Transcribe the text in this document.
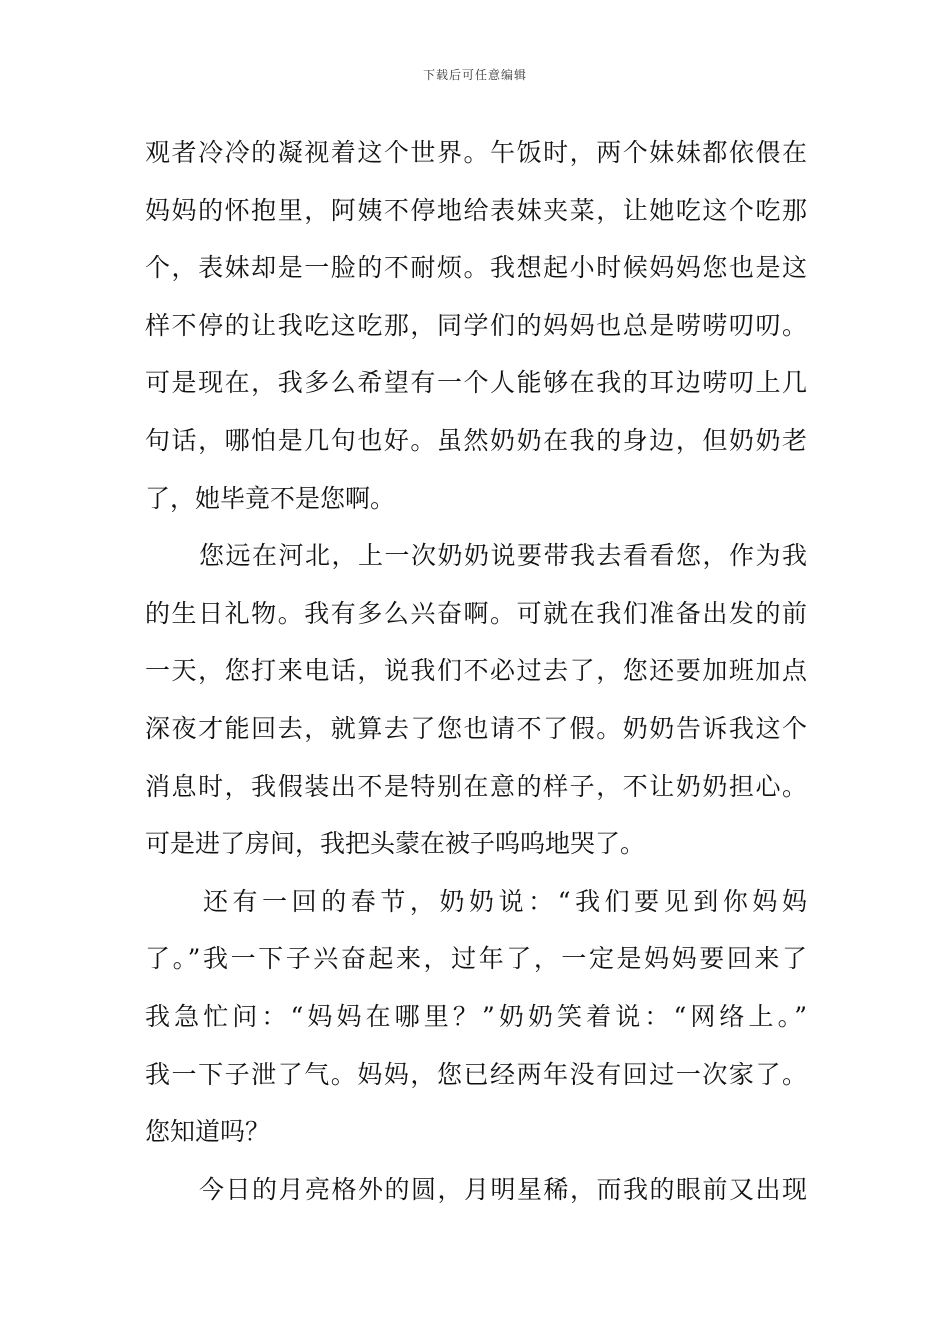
下载后可任意编辑
观者冷冷的凝视着这个世界。午饭时，两个妹妹都依偎在
妈妈的怀抱里，阿姨不停地给表妹夹菜，让她吃这个吃那
个，表妹却是一脸的不耐烦。我想起小时候妈妈您也是这
样不停的让我吃这吃那，同学们的妈妈也总是唠唠叨叨。
可是现在，我多么希望有一个人能够在我的耳边唠叨上几
句话，哪怕是几句也好。虽然奶奶在我的身边，但奶奶老
了，她毕竟不是您啊。
您远在河北，上一次奶奶说要带我去看看您，作为我
的生日礼物。我有多么兴奋啊。可就在我们准备出发的前
一天，您打来电话，说我们不必过去了，您还要加班加点
深夜才能回去，就算去了您也请不了假。奶奶告诉我这个
消息时，我假装出不是特别在意的样子，不让奶奶担心。
可是进了房间，我把头蒙在被子呜呜地哭了。
还有一回的春节，奶奶说：“我们要见到你妈妈
了。”我一下子兴奋起来，过年了，一定是妈妈要回来了
我急忙问：“妈妈在哪里？”奶奶笑着说：“网络上。”
我一下子泄了气。妈妈，您已经两年没有回过一次家了。
您知道吗？
今日的月亮格外的圆，月明星稀，而我的眼前又出现
